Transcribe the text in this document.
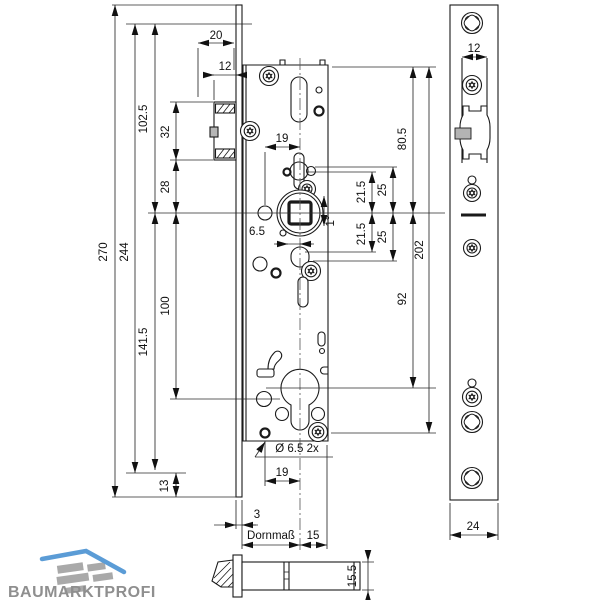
270 244
102.5
141.5
32
28
100
13
20
12
19
6.5
1°
21.5
21.5
25
25
80.5
92
202
Ø 6.5 2x
19
3
Dornmaß 15
15.5
12
24
BAUMARKTPROFI
